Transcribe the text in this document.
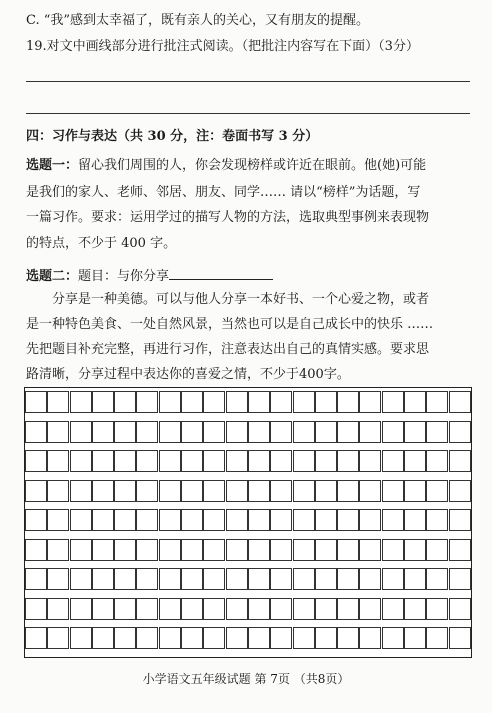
C. “我”感到太幸福了，既有亲人的关心，又有朋友的提醒。
19.对文中画线部分进行批注式阅读。（把批注内容写在下面）（3分）
四：习作与表达（共 30 分，注：卷面书写 3 分）
选题一：留心我们周围的人，你会发现榜样或许近在眼前。他(她)可能
是我们的家人、老师、邻居、朋友、同学…… 请以“榜样”为话题，写
一篇习作。要求：运用学过的描写人物的方法，选取典型事例来表现物
的特点，不少于 400 字。
选题二：题目：与你分享
分享是一种美德。可以与他人分享一本好书、一个心爱之物，或者
是一种特色美食、一处自然风景，当然也可以是自己成长中的快乐 ……
先把题目补充完整，再进行习作，注意表达出自己的真情实感。要求思
路清晰，分享过程中表达你的喜爱之情，不少于400字。
小学语文五年级试题 第 7页 （共8页）
